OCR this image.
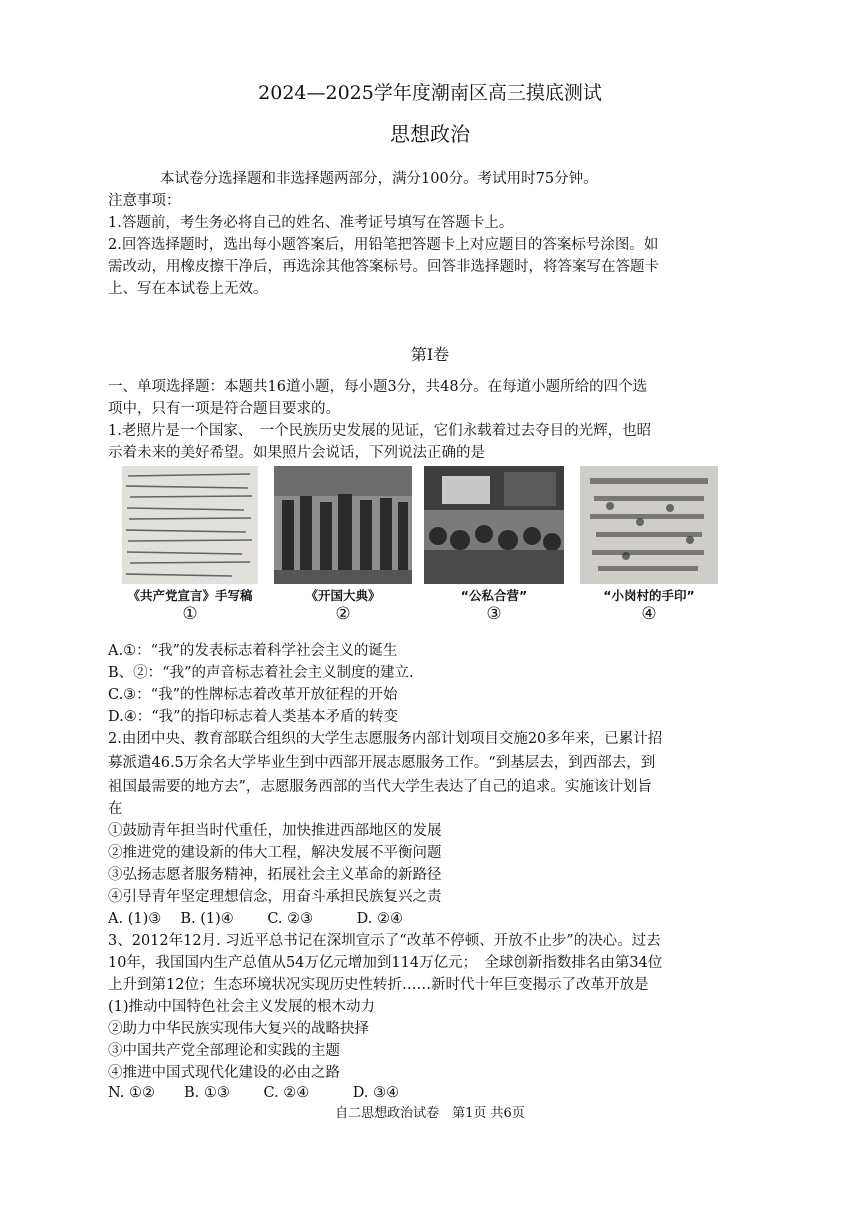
2024—2025学年度潮南区高三摸底测试
思想政治
本试卷分选择题和非选择题两部分，满分100分。考试用时75分钟。
注意事项：
1.答题前，考生务必将自己的姓名、准考证号填写在答题卡上。
2.回答选择题时，选出每小题答案后，用铅笔把答题卡上对应题目的答案标号涂图。如
需改动，用橡皮擦干净后，再选涂其他答案标号。回答非选择题时，将答案写在答题卡
上、写在本试卷上无效。
第Ⅰ卷
一、单项选择题：本题共16道小题，每小题3分，共48分。在每道小题所给的四个选
项中，只有一项是符合题目要求的。
1.老照片是一个国家、　一个民族历史发展的见证，它们永载着过去夺目的光辉，也昭
示着未来的美好希望。如果照片会说话，下列说法正确的是
《共产党宣言》手写稿	《开国大典》	“公私合营”	“小岗村的手印”
①	②	③	④
A.①：“我”的发表标志着科学社会主义的诞生
B、②：“我”的声音标志着社会主义制度的建立.
C.③：“我”的性牌标志着改革开放征程的开始
D.④：“我”的指印标志着人类基本矛盾的转变
2.由团中央、教育部联合组织的大学生志愿服务内部计划项目交施20多年来，已累计招
募派遣46.5万余名大学毕业生到中西部开展志愿服务工作。“到基层去，到西部去，到
祖国最需要的地方去”，志愿服务西部的当代大学生表达了自己的追求。实施该计划旨
在
①鼓励青年担当时代重任，加快推进西部地区的发展
②推进党的建设新的伟大工程，解决发展不平衡问题
③弘扬志愿者服务精神，拓展社会主义革命的新路径
④引导青年坚定理想信念，用奋斗承担民族复兴之责
A. (1)③　 B. (1)④　　 C. ②③　　　D. ②④
3、2012年12月. 习近平总书记在深圳宣示了“改革不停顿、开放不止步”的决心。过去
10年，我国国内生产总值从54万亿元增加到114万亿元；　全球创新指数排名由第34位
上升到第12位；生态环境状况实现历史性转折……新时代十年巨变揭示了改革开放是
(1)推动中国特色社会主义发展的根木动力
②助力中华民族实现伟大复兴的战略抉择
③中国共产党全部理论和实践的主题
④推进中国式现代化建设的必由之路
N. ①②　　B. ①③　　 C. ②④　　　D. ③④
自二思想政治试卷　第1页 共6页
